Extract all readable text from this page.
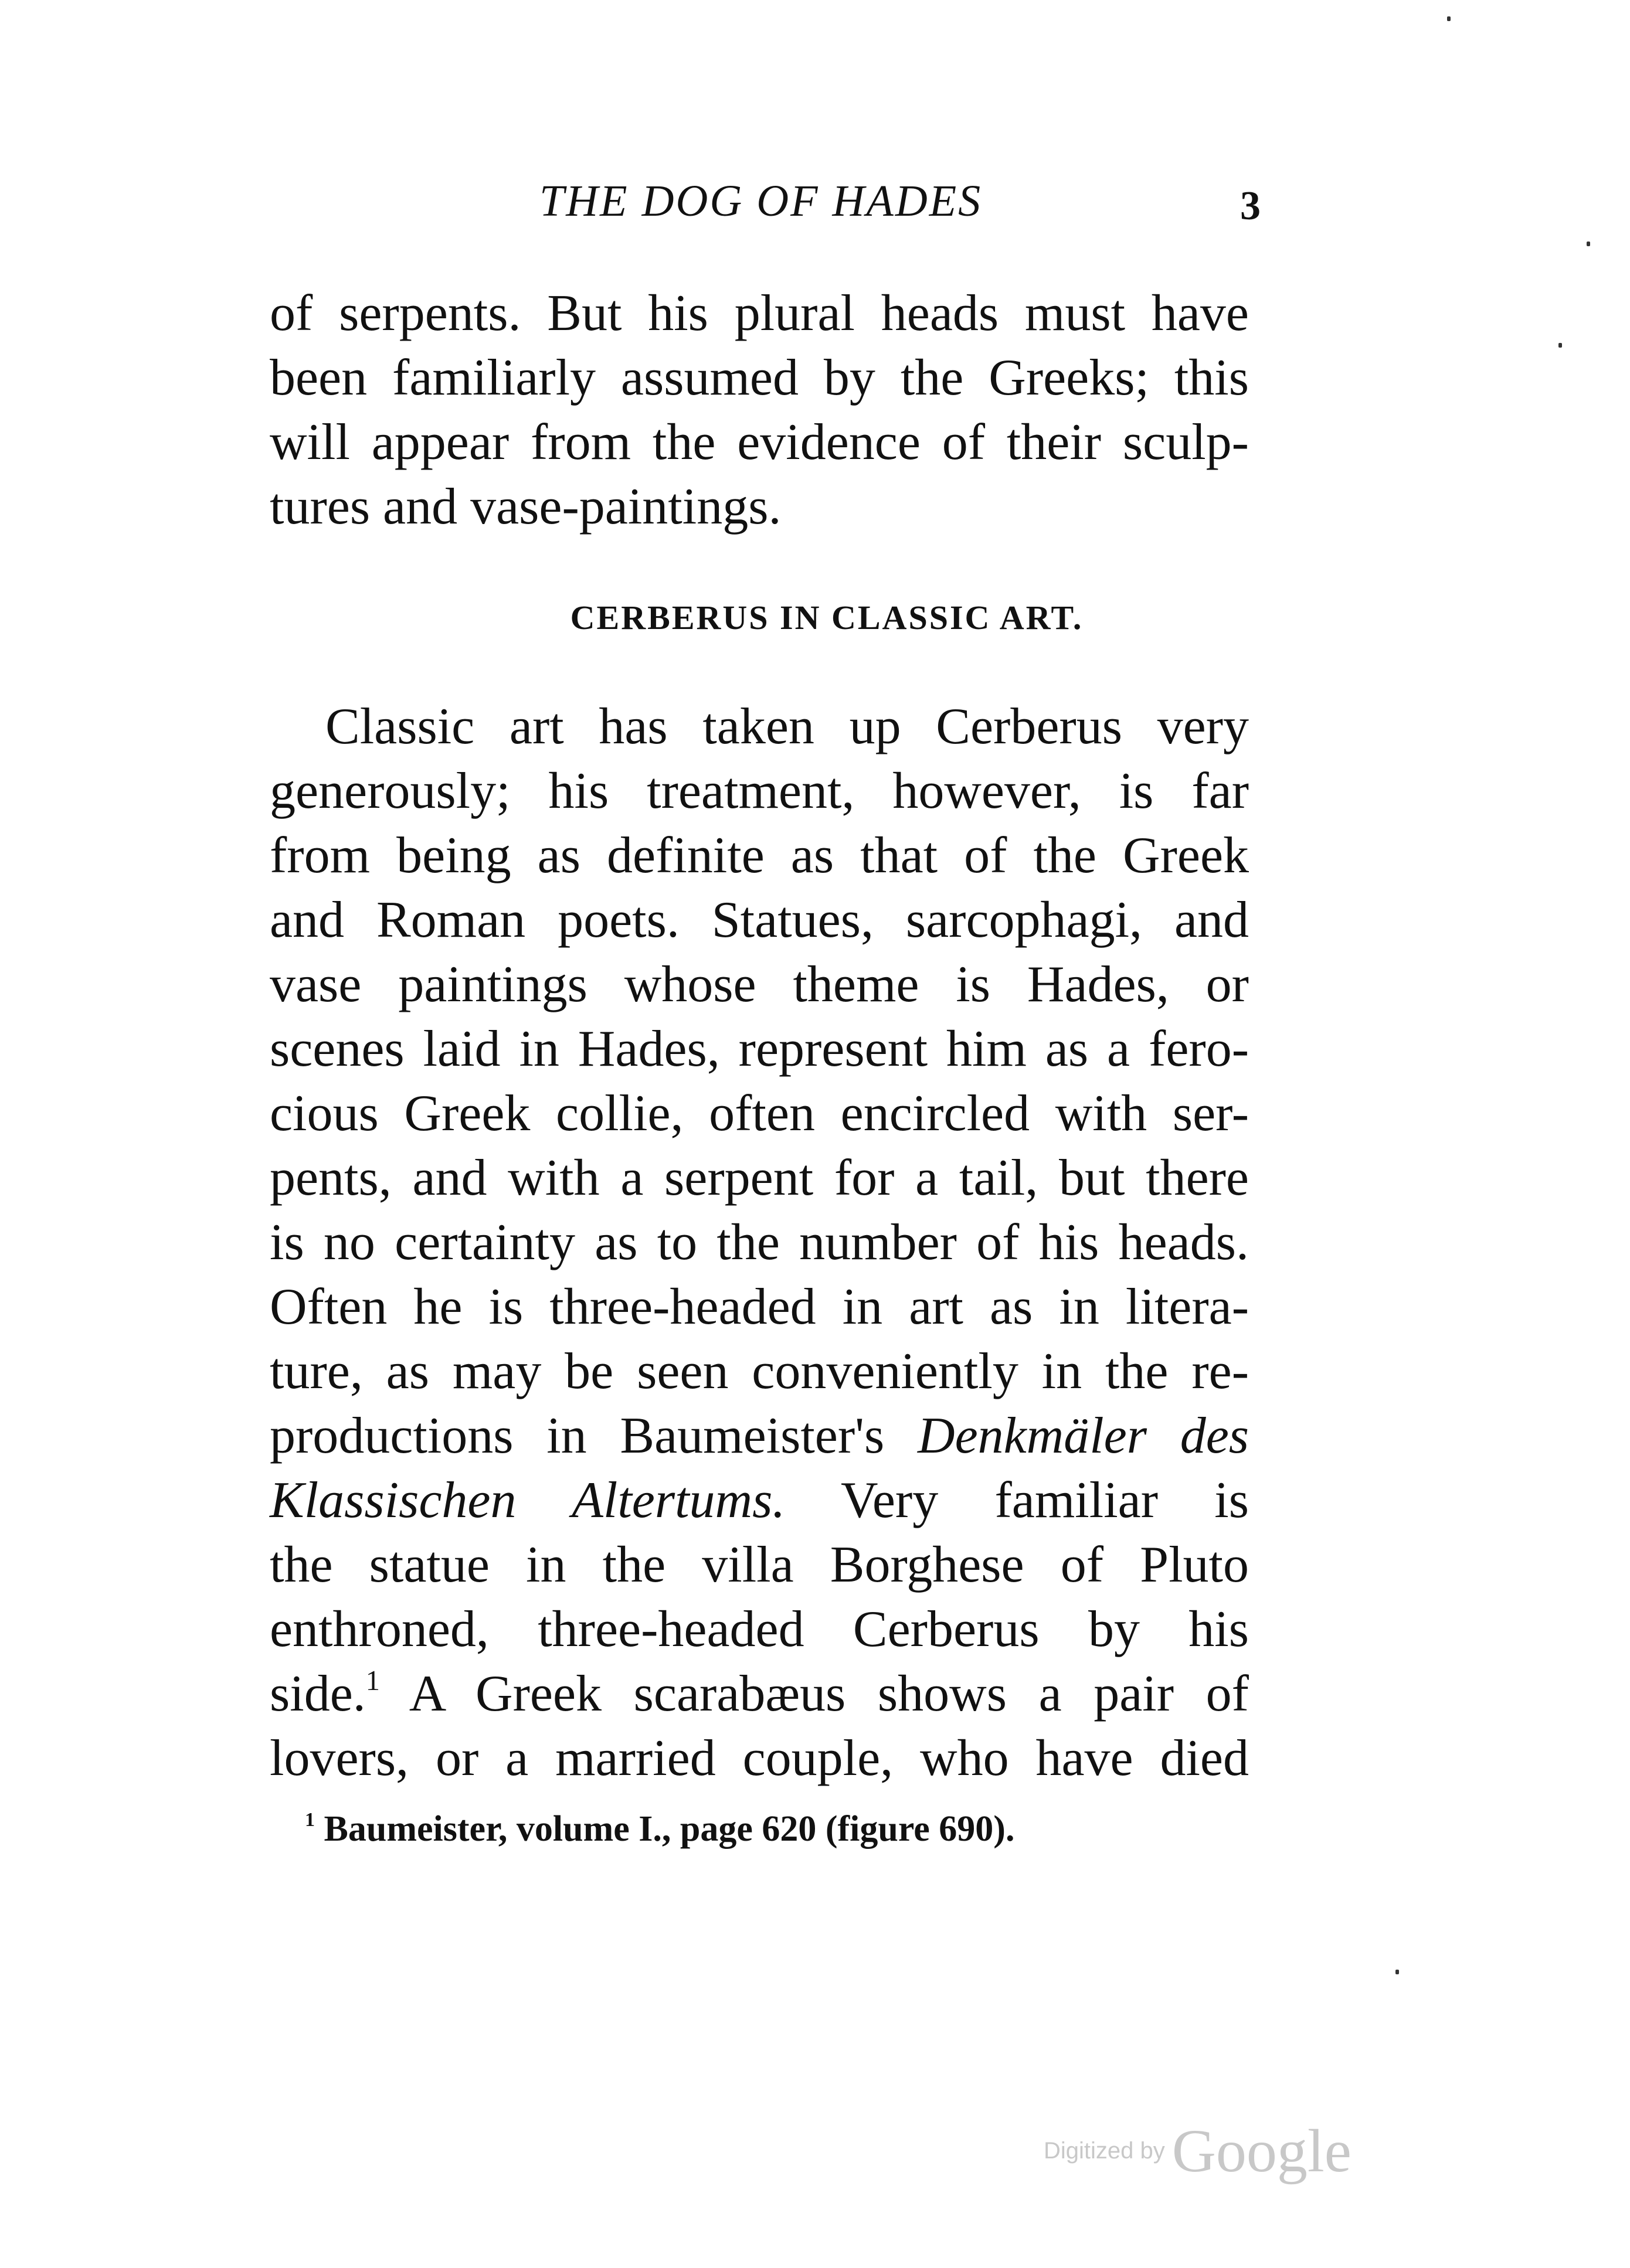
THE DOG OF HADES	3
of serpents. But his plural heads must have
been familiarly assumed by the Greeks; this
will appear from the evidence of their sculp-
tures and vase-paintings.
CERBERUS IN CLASSIC ART.
Classic art has taken up Cerberus very
generously; his treatment, however, is far
from being as definite as that of the Greek
and Roman poets. Statues, sarcophagi, and
vase paintings whose theme is Hades, or
scenes laid in Hades, represent him as a fero-
cious Greek collie, often encircled with ser-
pents, and with a serpent for a tail, but there
is no certainty as to the number of his heads.
Often he is three-headed in art as in litera-
ture, as may be seen conveniently in the re-
productions in Baumeister's Denkmäler des
Klassischen Altertums. Very familiar is
the statue in the villa Borghese of Pluto
enthroned, three-headed Cerberus by his
side.$^1$ A Greek scarabæus shows a pair of
lovers, or a married couple, who have died
$^1$ Baumeister, volume I., page 620 (figure 690).
Digitized by Google
